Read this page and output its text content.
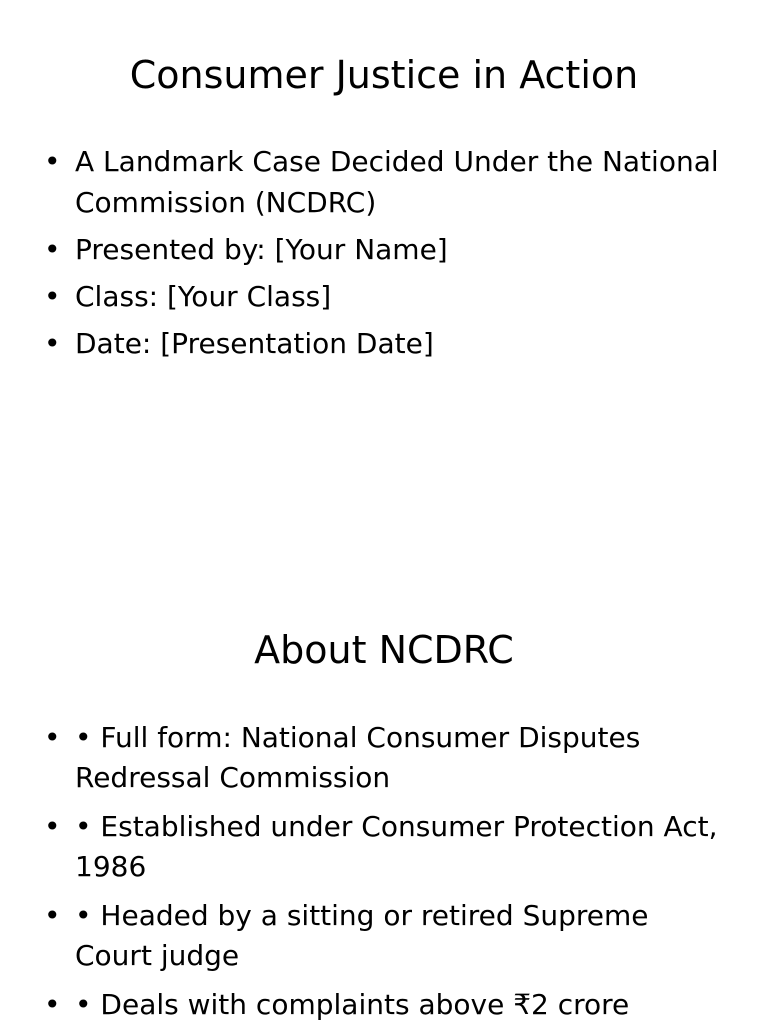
Consumer Justice in Action
• A Landmark Case Decided Under the National Commission (NCDRC)
• Presented by: [Your Name]
• Class: [Your Class]
• Date: [Presentation Date]
About NCDRC
• • Full form: National Consumer Disputes Redressal Commission
• • Established under Consumer Protection Act, 1986
• • Headed by a sitting or retired Supreme Court judge
• • Deals with complaints above ₹2 crore
